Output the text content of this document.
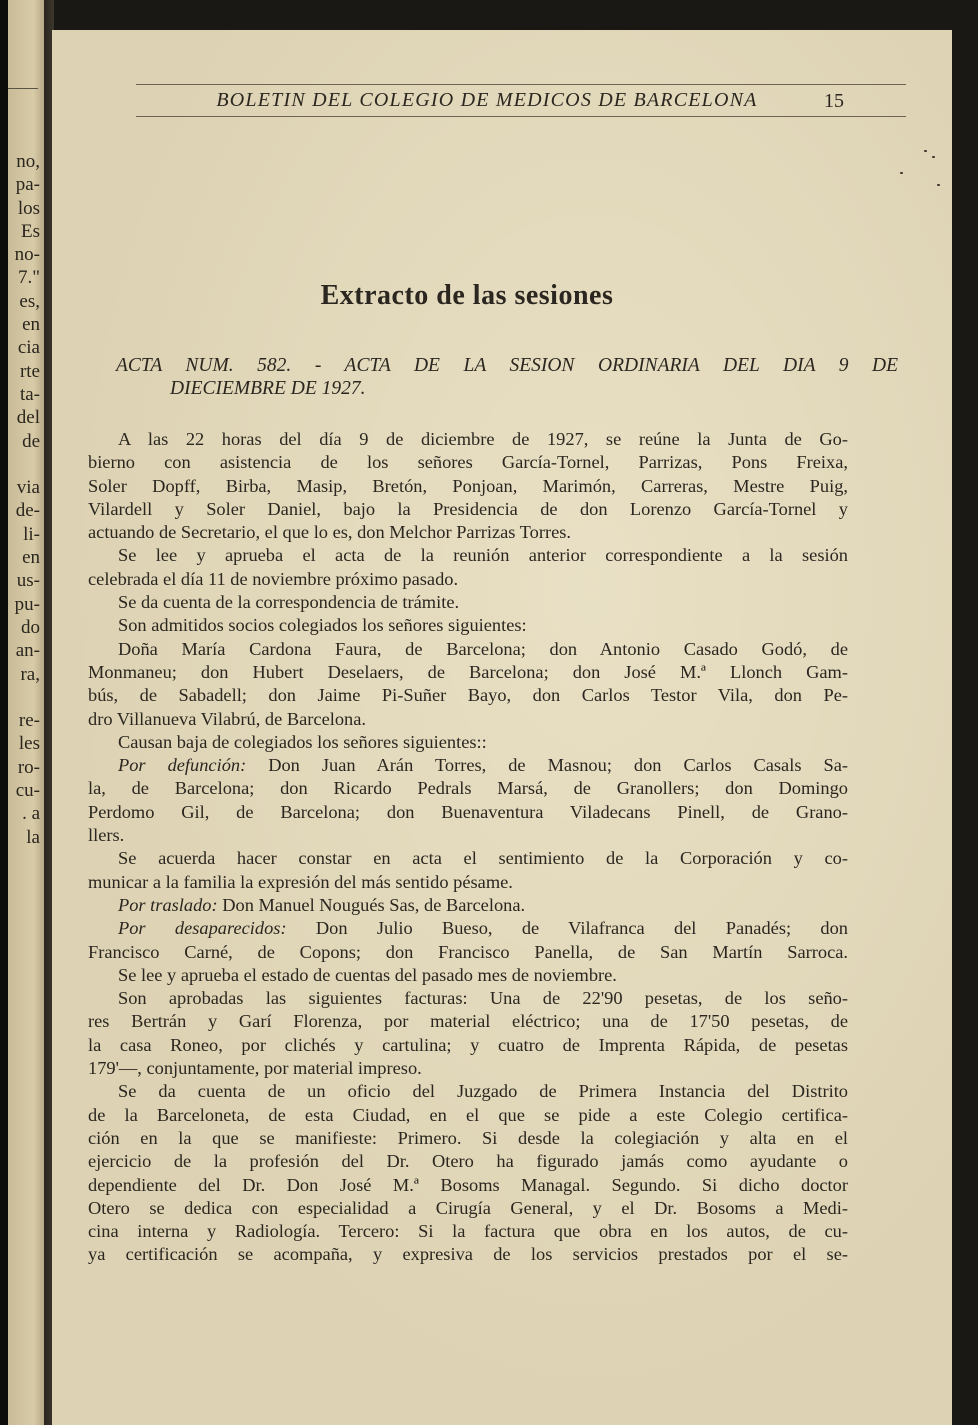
no,
pa-
los
Es
no-
7."
es,
en
cia
rte
ta-
del
de
via
de-
li-
en
us-
pu-
do
an-
ra,
re-
les
ro-
cu-
. a
la
BOLETIN DEL COLEGIO DE MEDICOS DE BARCELONA	15
Extracto de las sesiones
ACTA NUM. 582. - ACTA DE LA SESION ORDINARIA DEL DIA 9 DE
DIECIEMBRE DE 1927.
A las 22 horas del día 9 de diciembre de 1927, se reúne la Junta de Go-
bierno con asistencia de los señores García-Tornel, Parrizas, Pons Freixa,
Soler Dopff, Birba, Masip, Bretón, Ponjoan, Marimón, Carreras, Mestre Puig,
Vilardell y Soler Daniel, bajo la Presidencia de don Lorenzo García-Tornel y
actuando de Secretario, el que lo es, don Melchor Parrizas Torres.
Se lee y aprueba el acta de la reunión anterior correspondiente a la sesión
celebrada el día 11 de noviembre próximo pasado.
Se da cuenta de la correspondencia de trámite.
Son admitidos socios colegiados los señores siguientes:
Doña María Cardona Faura, de Barcelona; don Antonio Casado Godó, de
Monmaneu; don Hubert Deselaers, de Barcelona; don José M.ª Llonch Gam-
bús, de Sabadell; don Jaime Pi-Suñer Bayo, don Carlos Testor Vila, don Pe-
dro Villanueva Vilabrú, de Barcelona.
Causan baja de colegiados los señores siguientes::
Por defunción: Don Juan Arán Torres, de Masnou; don Carlos Casals Sa-
la, de Barcelona; don Ricardo Pedrals Marsá, de Granollers; don Domingo
Perdomo Gil, de Barcelona; don Buenaventura Viladecans Pinell, de Grano-
llers.
Se acuerda hacer constar en acta el sentimiento de la Corporación y co-
municar a la familia la expresión del más sentido pésame.
Por traslado: Don Manuel Nougués Sas, de Barcelona.
Por desaparecidos: Don Julio Bueso, de Vilafranca del Panadés; don
Francisco Carné, de Copons; don Francisco Panella, de San Martín Sarroca.
Se lee y aprueba el estado de cuentas del pasado mes de noviembre.
Son aprobadas las siguientes facturas: Una de 22'90 pesetas, de los seño-
res Bertrán y Garí Florenza, por material eléctrico; una de 17'50 pesetas, de
la casa Roneo, por clichés y cartulina; y cuatro de Imprenta Rápida, de pesetas
179'—, conjuntamente, por material impreso.
Se da cuenta de un oficio del Juzgado de Primera Instancia del Distrito
de la Barceloneta, de esta Ciudad, en el que se pide a este Colegio certifica-
ción en la que se manifieste: Primero. Si desde la colegiación y alta en el
ejercicio de la profesión del Dr. Otero ha figurado jamás como ayudante o
dependiente del Dr. Don José M.ª Bosoms Managal. Segundo. Si dicho doctor
Otero se dedica con especialidad a Cirugía General, y el Dr. Bosoms a Medi-
cina interna y Radiología. Tercero: Si la factura que obra en los autos, de cu-
ya certificación se acompaña, y expresiva de los servicios prestados por el se-
